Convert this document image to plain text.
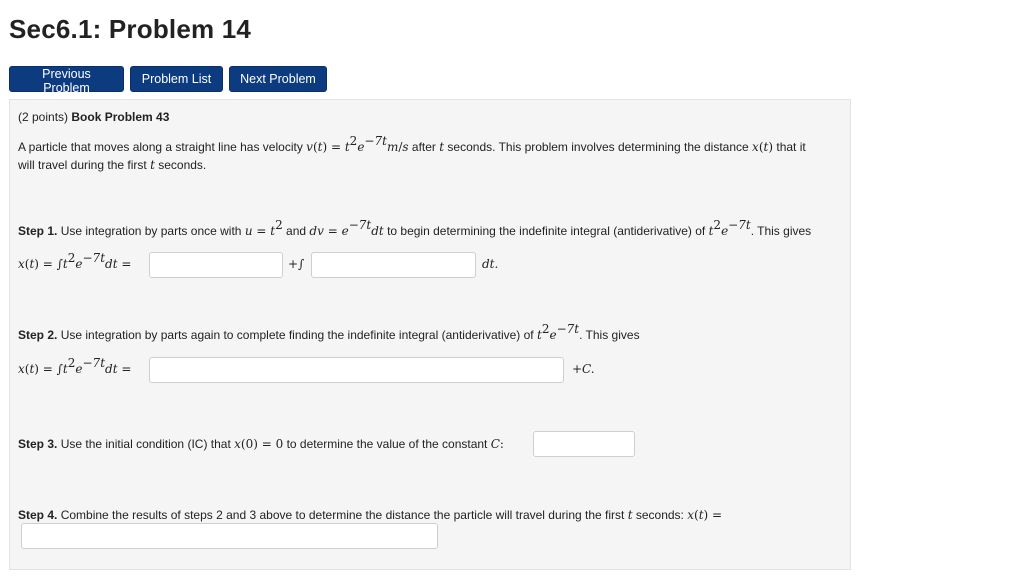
Sec6.1: Problem 14
Previous Problem
Problem List	Next Problem
(2 points) Book Problem 43
A particle that moves along a straight line has velocity $v(t) = t^2e^{-7t}m/s$ after t seconds. This problem involves determining the distance x(t) that it
will travel during the first t seconds.
Step 1. Use integration by parts once with $u = t^2$ and dv = $e^{-7t}dt$ to begin determining the indefinite integral (antiderivative) of $t^2e^{-7t}$. This gives
$x(t) = \int t^2e^{-7t}dt$ =	+∫	dt.
Step 2. Use integration by parts again to complete finding the indefinite integral (antiderivative) of $t^2e^{-7t}$. This gives
$x(t) = \int t^2e^{-7t}dt$ =	+C.
Step 3. Use the initial condition (IC) that x(0) = 0 to determine the value of the constant C:
Step 4. Combine the results of steps 2 and 3 above to determine the distance the particle will travel during the first t seconds: x(t) =
